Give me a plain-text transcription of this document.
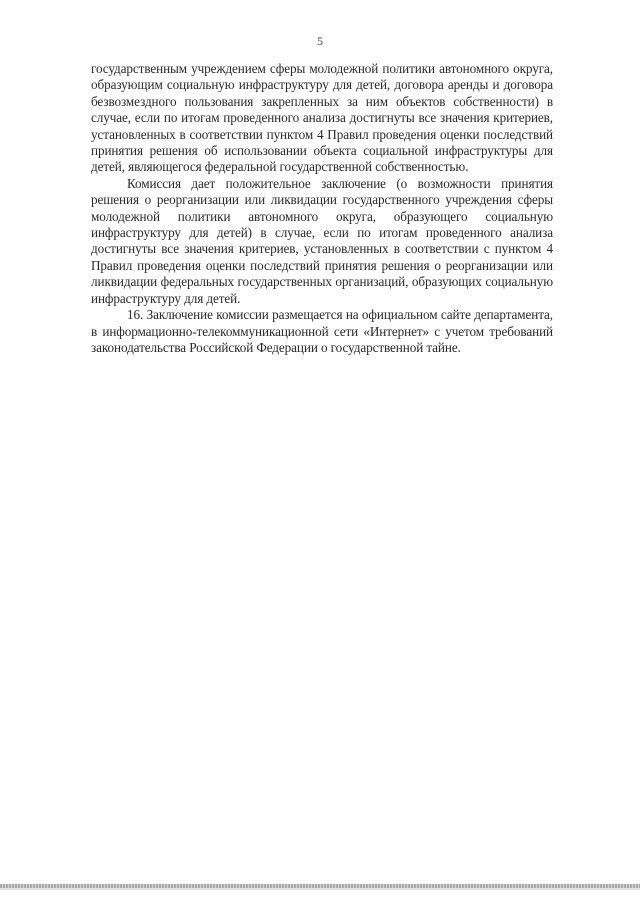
5

государственным учреждением сферы молодежной политики автономного округа, образующим социальную инфраструктуру для детей, договора аренды и договора безвозмездного пользования закрепленных за ним объектов собственности) в случае, если по итогам проведенного анализа достигнуты все значения критериев, установленных в соответствии пунктом 4 Правил проведения оценки последствий принятия решения об использовании объекта социальной инфраструктуры для детей, являющегося федеральной государственной собственностью.

Комиссия дает положительное заключение (о возможности принятия решения о реорганизации или ликвидации государственного учреждения сферы молодежной политики автономного округа, образующего социальную инфраструктуру для детей) в случае, если по итогам проведенного анализа достигнуты все значения критериев, установленных в соответствии с пунктом 4 Правил проведения оценки последствий принятия решения о реорганизации или ликвидации федеральных государственных организаций, образующих социальную инфраструктуру для детей.

16. Заключение комиссии размещается на официальном сайте департамента, в информационно-телекоммуникационной сети «Интернет» с учетом требований законодательства Российской Федерации о государственной тайне.
